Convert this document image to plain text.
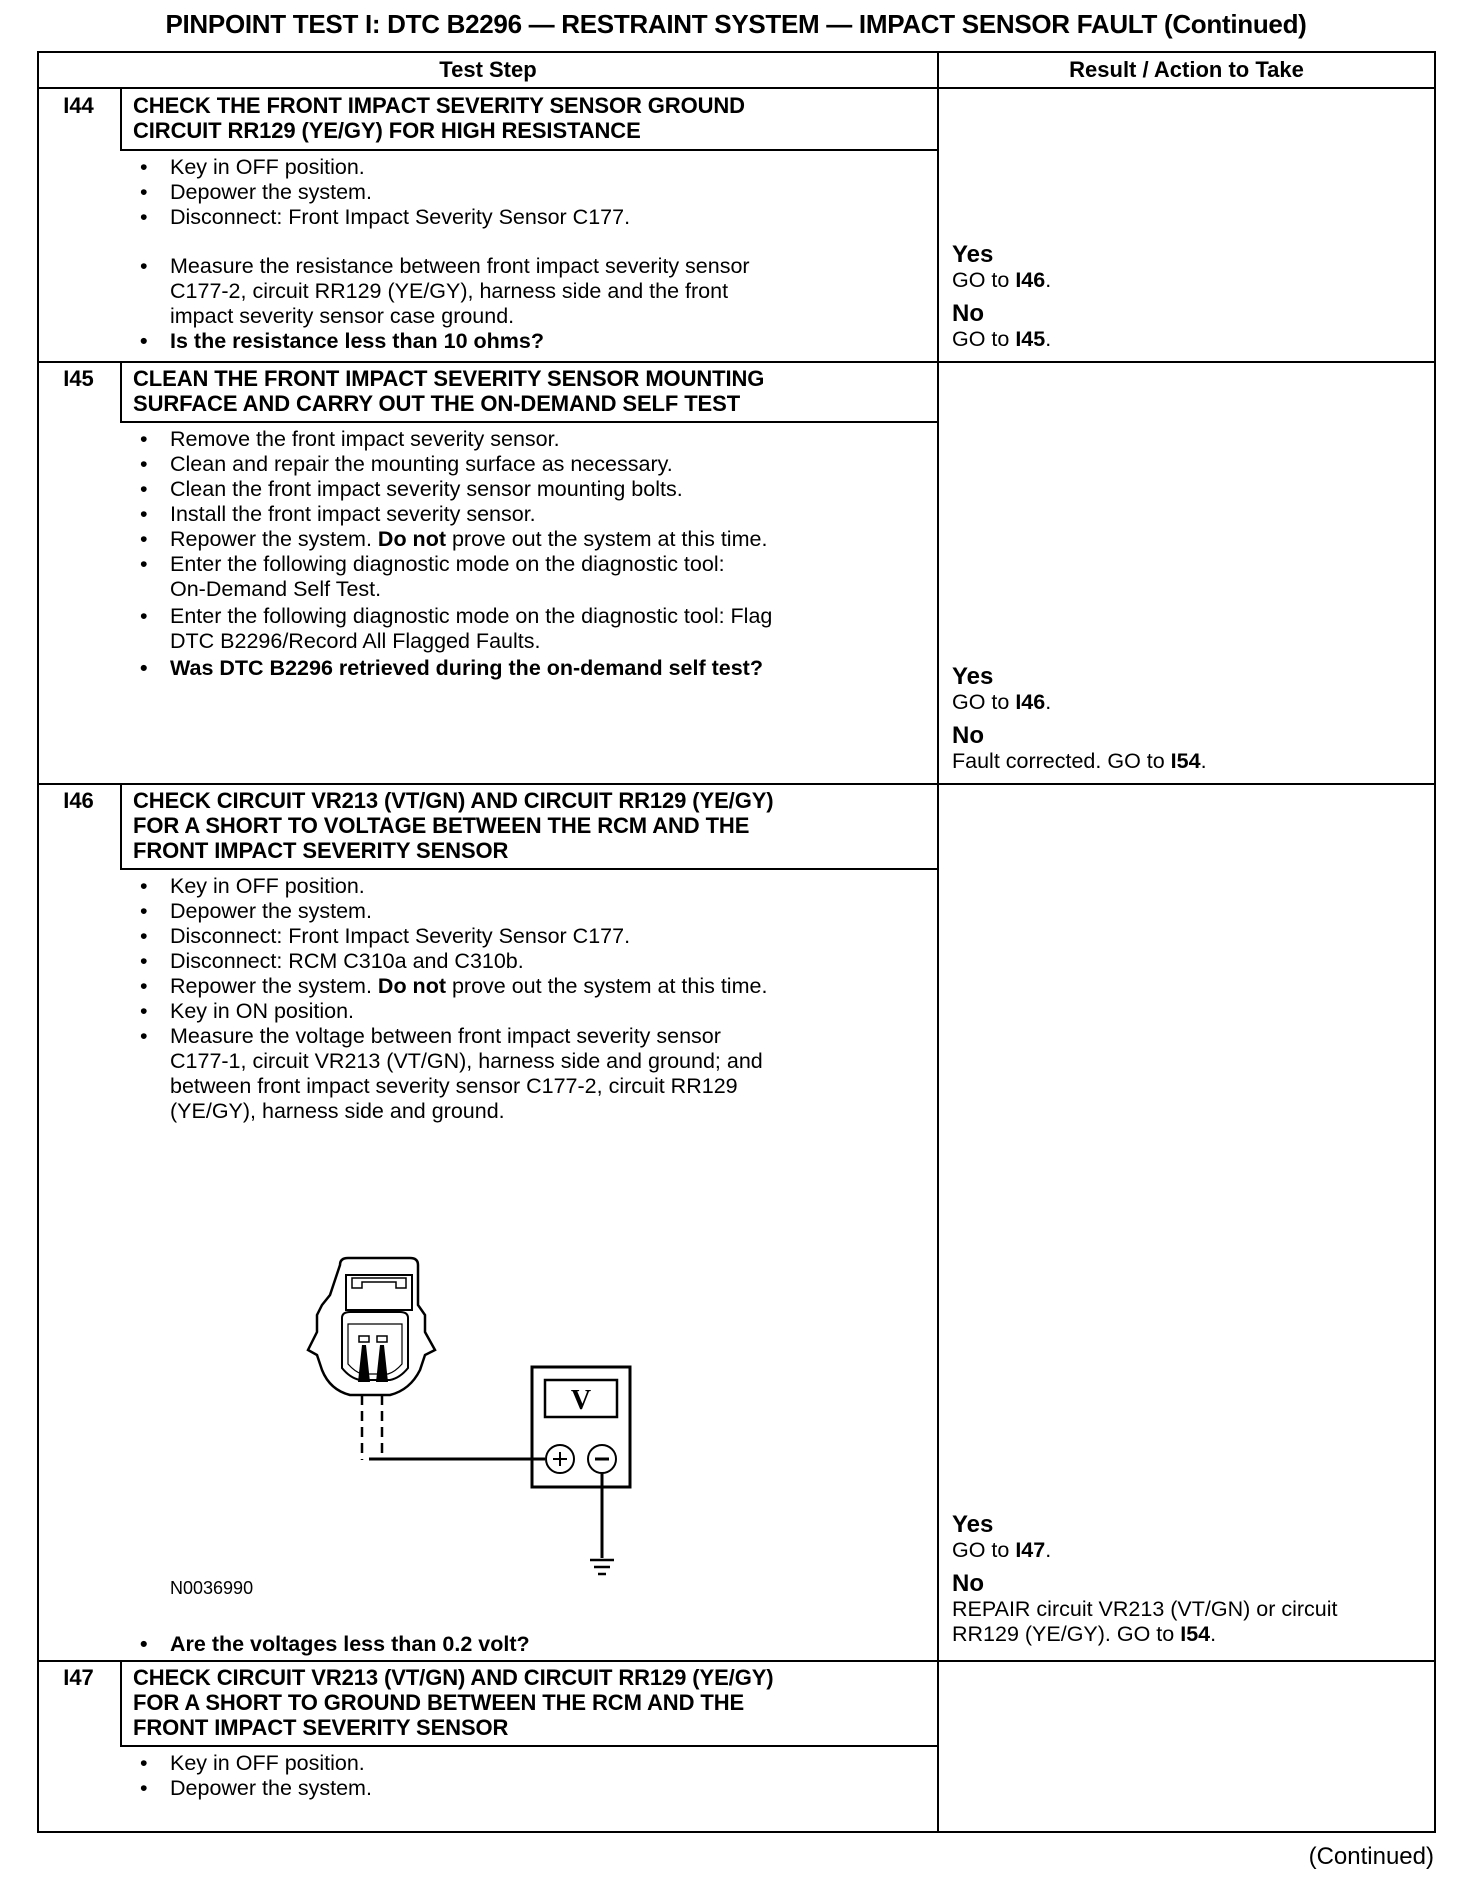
PINPOINT TEST I: DTC B2296 — RESTRAINT SYSTEM — IMPACT SENSOR FAULT (Continued)
Test Step	Result / Action to Take
I44	CHECK THE FRONT IMPACT SEVERITY SENSOR GROUND
CIRCUIT RR129 (YE/GY) FOR HIGH RESISTANCE
•	Key in OFF position.
•	Depower the system.
•	Disconnect: Front Impact Severity Sensor C177.
•	Measure the resistance between front impact severity sensor
C177-2, circuit RR129 (YE/GY), harness side and the front
impact severity sensor case ground.
•	Is the resistance less than 10 ohms?
Yes
GO to I46.
No
GO to I45.
I45	CLEAN THE FRONT IMPACT SEVERITY SENSOR MOUNTING
SURFACE AND CARRY OUT THE ON-DEMAND SELF TEST
•	Remove the front impact severity sensor.
•	Clean and repair the mounting surface as necessary.
•	Clean the front impact severity sensor mounting bolts.
•	Install the front impact severity sensor.
•	Repower the system. Do not prove out the system at this time.
•	Enter the following diagnostic mode on the diagnostic tool:
On-Demand Self Test.
•	Enter the following diagnostic mode on the diagnostic tool: Flag
DTC B2296/Record All Flagged Faults.
•	Was DTC B2296 retrieved during the on-demand self test?	Yes
GO to I46.
No
Fault corrected. GO to I54.
I46	CHECK CIRCUIT VR213 (VT/GN) AND CIRCUIT RR129 (YE/GY)
FOR A SHORT TO VOLTAGE BETWEEN THE RCM AND THE
FRONT IMPACT SEVERITY SENSOR
•	Key in OFF position.
•	Depower the system.
•	Disconnect: Front Impact Severity Sensor C177.
•	Disconnect: RCM C310a and C310b.
•	Repower the system. Do not prove out the system at this time.
•	Key in ON position.
•	Measure the voltage between front impact severity sensor
C177-1, circuit VR213 (VT/GN), harness side and ground; and
between front impact severity sensor C177-2, circuit RR129
(YE/GY), harness side and ground.
V
N0036990
•	Are the voltages less than 0.2 volt?
Yes
GO to I47.
No
REPAIR circuit VR213 (VT/GN) or circuit
RR129 (YE/GY). GO to I54.
I47	CHECK CIRCUIT VR213 (VT/GN) AND CIRCUIT RR129 (YE/GY)
FOR A SHORT TO GROUND BETWEEN THE RCM AND THE
FRONT IMPACT SEVERITY SENSOR
•	Key in OFF position.
•	Depower the system.
(Continued)
